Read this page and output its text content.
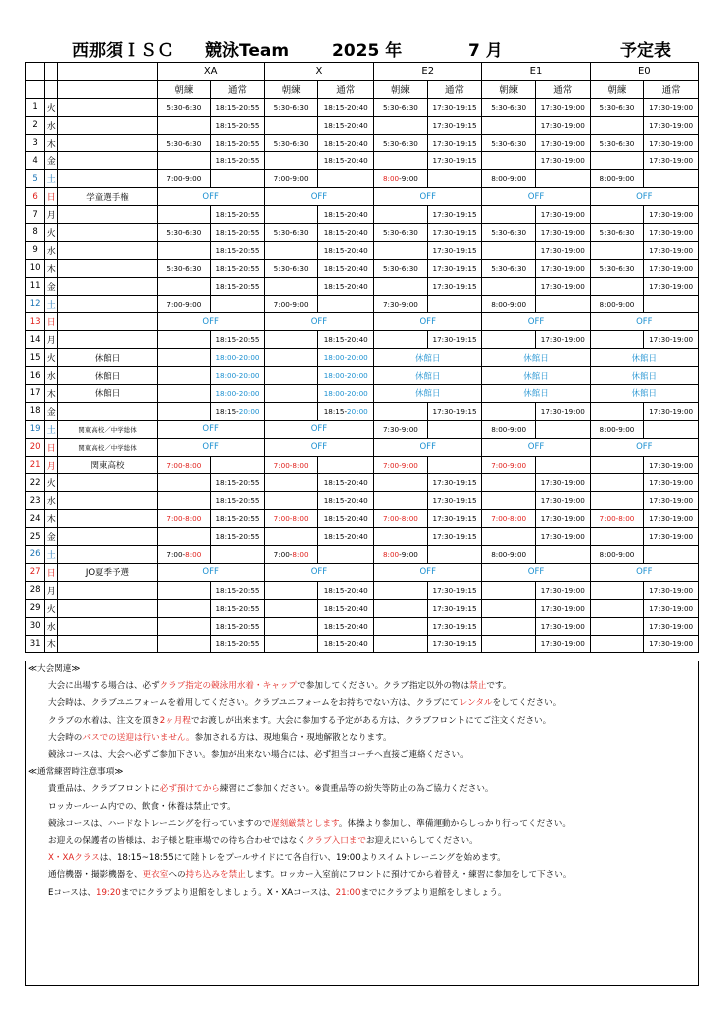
西那須ＩＳＣ 競泳Team	2025 年	7 月	予定表
			XA		X		E2		E1		E0	
			朝練	通常	朝練	通常	朝練	通常	朝練	通常	朝練	通常
1	火		5:30-6:30	18:15-20:55	5:30-6:30	18:15-20:40	5:30-6:30	17:30-19:15	5:30-6:30	17:30-19:00	5:30-6:30	17:30-19:00
2	水			18:15-20:55		18:15-20:40		17:30-19:15		17:30-19:00		17:30-19:00
3	木		5:30-6:30	18:15-20:55	5:30-6:30	18:15-20:40	5:30-6:30	17:30-19:15	5:30-6:30	17:30-19:00	5:30-6:30	17:30-19:00
4	金			18:15-20:55		18:15-20:40		17:30-19:15		17:30-19:00		17:30-19:00
5	土		7:00-9:00		7:00-9:00		8:00-9:00		8:00-9:00		8:00-9:00	
6	日	学童選手権	OFF		OFF		OFF		OFF		OFF	
7	月			18:15-20:55		18:15-20:40		17:30-19:15		17:30-19:00		17:30-19:00
8	火		5:30-6:30	18:15-20:55	5:30-6:30	18:15-20:40	5:30-6:30	17:30-19:15	5:30-6:30	17:30-19:00	5:30-6:30	17:30-19:00
9	水			18:15-20:55		18:15-20:40		17:30-19:15		17:30-19:00		17:30-19:00
10	木		5:30-6:30	18:15-20:55	5:30-6:30	18:15-20:40	5:30-6:30	17:30-19:15	5:30-6:30	17:30-19:00	5:30-6:30	17:30-19:00
11	金			18:15-20:55		18:15-20:40		17:30-19:15		17:30-19:00		17:30-19:00
12	土		7:00-9:00		7:00-9:00		7:30-9:00		8:00-9:00		8:00-9:00	
13	日		OFF		OFF		OFF		OFF		OFF	
14	月			18:15-20:55		18:15-20:40		17:30-19:15		17:30-19:00		17:30-19:00
15	火	休館日		18:00-20:00		18:00-20:00	休館日		休館日		休館日	
16	水	休館日		18:00-20:00		18:00-20:00	休館日		休館日		休館日	
17	木	休館日		18:00-20:00		18:00-20:00	休館日		休館日		休館日	
18	金			18:15-20:00		18:15-20:00		17:30-19:15		17:30-19:00		17:30-19:00
19	土	関東高校／中学総体	OFF		OFF		7:30-9:00		8:00-9:00		8:00-9:00	
20	日	関東高校／中学総体	OFF		OFF		OFF		OFF		OFF	
21	月	関東高校	7:00-8:00		7:00-8:00		7:00-9:00		7:00-9:00			17:30-19:00
22	火			18:15-20:55		18:15-20:40		17:30-19:15		17:30-19:00		17:30-19:00
23	水			18:15-20:55		18:15-20:40		17:30-19:15		17:30-19:00		17:30-19:00
24	木		7:00-8:00	18:15-20:55	7:00-8:00	18:15-20:40	7:00-8:00	17:30-19:15	7:00-8:00	17:30-19:00	7:00-8:00	17:30-19:00
25	金			18:15-20:55		18:15-20:40		17:30-19:15		17:30-19:00		17:30-19:00
26	土		7:00-8:00		7:00-8:00		8:00-9:00		8:00-9:00		8:00-9:00	
27	日	JO夏季予選	OFF		OFF		OFF		OFF		OFF	
28	月			18:15-20:55		18:15-20:40		17:30-19:15		17:30-19:00		17:30-19:00
29	火			18:15-20:55		18:15-20:40		17:30-19:15		17:30-19:00		17:30-19:00
30	水			18:15-20:55		18:15-20:40		17:30-19:15		17:30-19:00		17:30-19:00
31	木			18:15-20:55		18:15-20:40		17:30-19:15		17:30-19:00		17:30-19:00
≪大会関連≫
大会に出場する場合は、必ずクラブ指定の競泳用水着・キャップで参加してください。クラブ指定以外の物は禁止です。
大会時は、クラブユニフォームを着用してください。クラブユニフォームをお持ちでない方は、クラブにてレンタルをしてください。
クラブの水着は、注文を頂き2ヶ月程でお渡しが出来ます。大会に参加する予定がある方は、クラブフロントにてご注文ください。
大会時のバスでの送迎は行いません。参加される方は、現地集合・現地解散となります。
競泳コースは、大会へ必ずご参加下さい。参加が出来ない場合には、必ず担当コーチへ直接ご連絡ください。
≪通常練習時注意事項≫
貴重品は、クラブフロントに必ず預けてから練習にご参加ください。※貴重品等の紛失等防止の為ご協力ください。
ロッカールーム内での、飲食・休養は禁止です。
競泳コースは、ハードなトレーニングを行っていますので遅刻厳禁とします。体操より参加し、準備運動からしっかり行ってください。
お迎えの保護者の皆様は、お子様と駐車場での待ち合わせではなくクラブ入口までお迎えにいらしてください。
X・XAクラスは、18:15~18:55にて陸トレをプールサイドにて各自行い、19:00よりスイムトレーニングを始めます。
通信機器・撮影機器を、更衣室への持ち込みを禁止します。ロッカー入室前にフロントに預けてから着替え・練習に参加をして下さい。
Eコースは、19:20までにクラブより退館をしましょう。X・XAコースは、21:00までにクラブより退館をしましょう。
